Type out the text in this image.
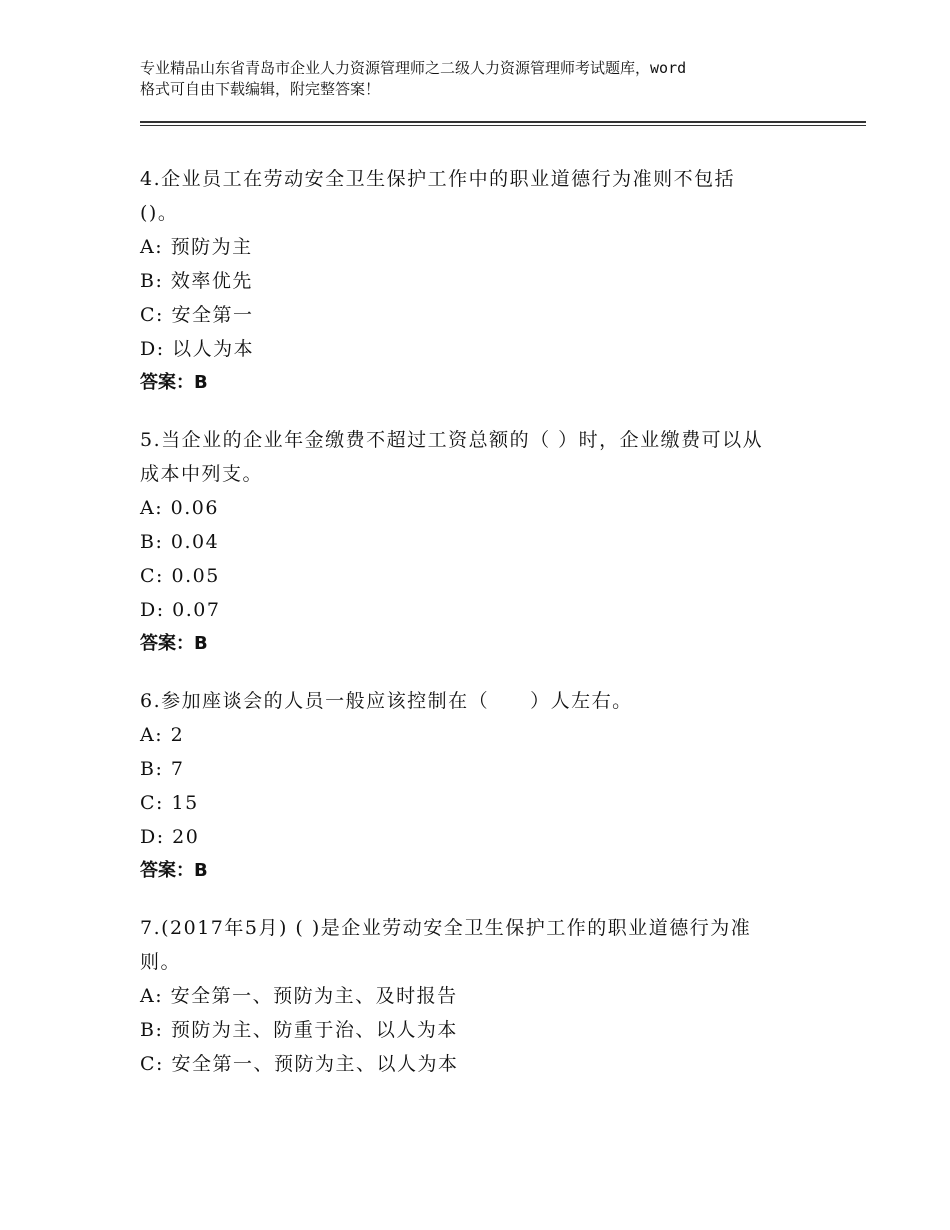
专业精品山东省青岛市企业人力资源管理师之二级人力资源管理师考试题库，word
格式可自由下载编辑，附完整答案！
4.企业员工在劳动安全卫生保护工作中的职业道德行为准则不包括
()。
A: 预防为主
B: 效率优先
C: 安全第一
D: 以人为本
答案：B
5.当企业的企业年金缴费不超过工资总额的（ ）时，企业缴费可以从
成本中列支。
A: 0.06
B: 0.04
C: 0.05
D: 0.07
答案：B
6.参加座谈会的人员一般应该控制在（　　）人左右。
A: 2
B: 7
C: 15
D: 20
答案：B
7.(2017年5月) ( )是企业劳动安全卫生保护工作的职业道德行为准
则。
A: 安全第一、预防为主、及时报告
B: 预防为主、防重于治、以人为本
C: 安全第一、预防为主、以人为本
